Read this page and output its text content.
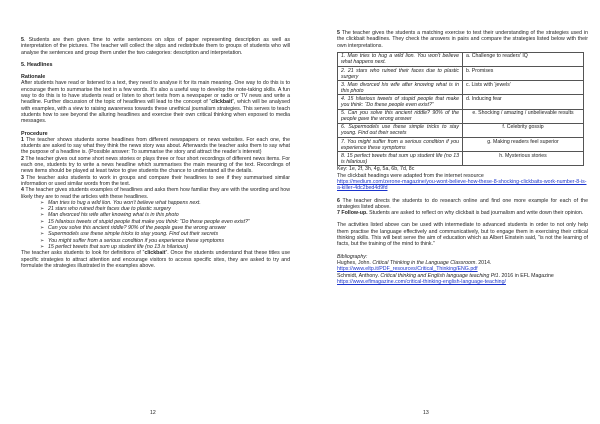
5. Students are then given time to write sentences on slips of paper representing description as well as interpretation of the pictures. The teacher will collect the slips and redistribute them to groups of students who will analyse the sentences and group them under the two categories: description and interpretation.

5. Headlines

Rationale

After students have read or listened to a text, they need to analyse it for its main meaning. One way to do this is to encourage them to summarise the text in a few words. It’s also a useful way to develop the note-taking skills. A fun way to do this is to have students read or listen to short texts from a newspaper or radio or TV news and write a headline. Further discussion of the topic of headlines will lead to the concept of “clickbait”, which will be analysed with examples, with a view to raising awareness towards these unethical journalism strategies. This serves to teach students how to see beyond the alluring headlines and exercise their own critical thinking when exposed to media messages.

Procedure

1 The teacher shows students some headlines from different newspapers or news websites. For each one, the students are asked to say what they think the news story was about. Afterwards the teacher asks them to say what the purpose of a headline is. (Possible answer: To summarise the story and attract the reader’s interest)

2 The teacher gives out some short news stories or plays three or four short recordings of different news items. For each one, students try to write a news headline which summarises the main meaning of the text. Recordings of news items should be played at least twice to give students the chance to understand all the details.

3 The teacher asks students to work in groups and compare their headlines to see if they summarised similar information or used similar words from the text.

4 The teacher gives students examples of headlines and asks them how familiar they are with the wording and how likely they are to read the articles with these headlines.

➢ Man tries to hug a wild lion. You won’t believe what happens next.
➢ 21 stars who ruined their faces due to plastic surgery
➢ Man divorced his wife after knowing what is in this photo
➢ 15 hilarious tweets of stupid people that make you think: “Do these people even exist?”
➢ Can you solve this ancient riddle? 90% of the people gave the wrong answer
➢ Supermodels use these simple tricks to stay young. Find out their secrets
➢ You might suffer from a serious condition if you experience these symptoms
➢ 15 perfect tweets that sum up student life (no 13 is hilarious)

The teacher asks students to look for definitions of “clickbait”. Once the students understand that these titles use specific strategies to attract attention and encourage visitors to access specific sites, they are asked to try and formulate the strategies illustrated in the examples above.

12

5 The teacher gives the students a matching exercise to test their understanding of the strategies used in the clickbait headlines. They check the answers in pairs and compare the strategies listed below with their own interpretations.

1. Man tries to hug a wild lion. You won’t believe what happens next.	a. Challenge to readers’ IQ
2. 21 stars who ruined their faces due to plastic surgery	b. Promises
3. Man divorced his wife after knowing what is in this photo	c. Lists with ‘jewels’
4. 15 hilarious tweets of stupid people that make you think: “Do these people even exist?”	d. Inducing fear
5. Can you solve this ancient riddle? 90% of the people gave the wrong answer	e. Shocking / amazing / unbelievable results
6. Supermodels use these simple tricks to stay young. Find out their secrets	f. Celebrity gossip
7. You might suffer from a serious condition if you experience these symptoms	g. Making readers feel superior
8. 15 perfect tweets that sum up student life (no 13 is hilarious)	h. Mysterious stories

Key: 1e, 2f, 3h, 4g, 5a, 6b, 7d, 8c

The clickbait headings were adapted from the internet resource

https://medium.com/zerone-magazine/you-wont-believe-how-these-8-shocking-clickbaits-work-number-8-is-a-killer-4dc2bed4d9fd

6 The teacher directs the students to do research online and find one more example for each of the strategies listed above.

7 Follow-up. Students are asked to reflect on why clickbait is bad journalism and write down their opinion.

The activities listed above can be used with intermediate to advanced students in order to not only help them practise the language effectively and communicatively, but to engage them in exercising their critical thinking skills. This will best serve the aim of education which as Albert Einstein said, “is not the learning of facts, but the training of the mind to think.”

Bibliography:

Hughes, John. Critical Thinking in the Language Classroom. 2014.

https://www.eltp.it/PDF_resources/Critical_Thinking/ENG.pdf

Schmidt, Anthony. Critical thinking and English language teaching Pt1. 2016 in EFL Magazine

https://www.eflmagazine.com/critical-thinking-english-language-teaching/

13
